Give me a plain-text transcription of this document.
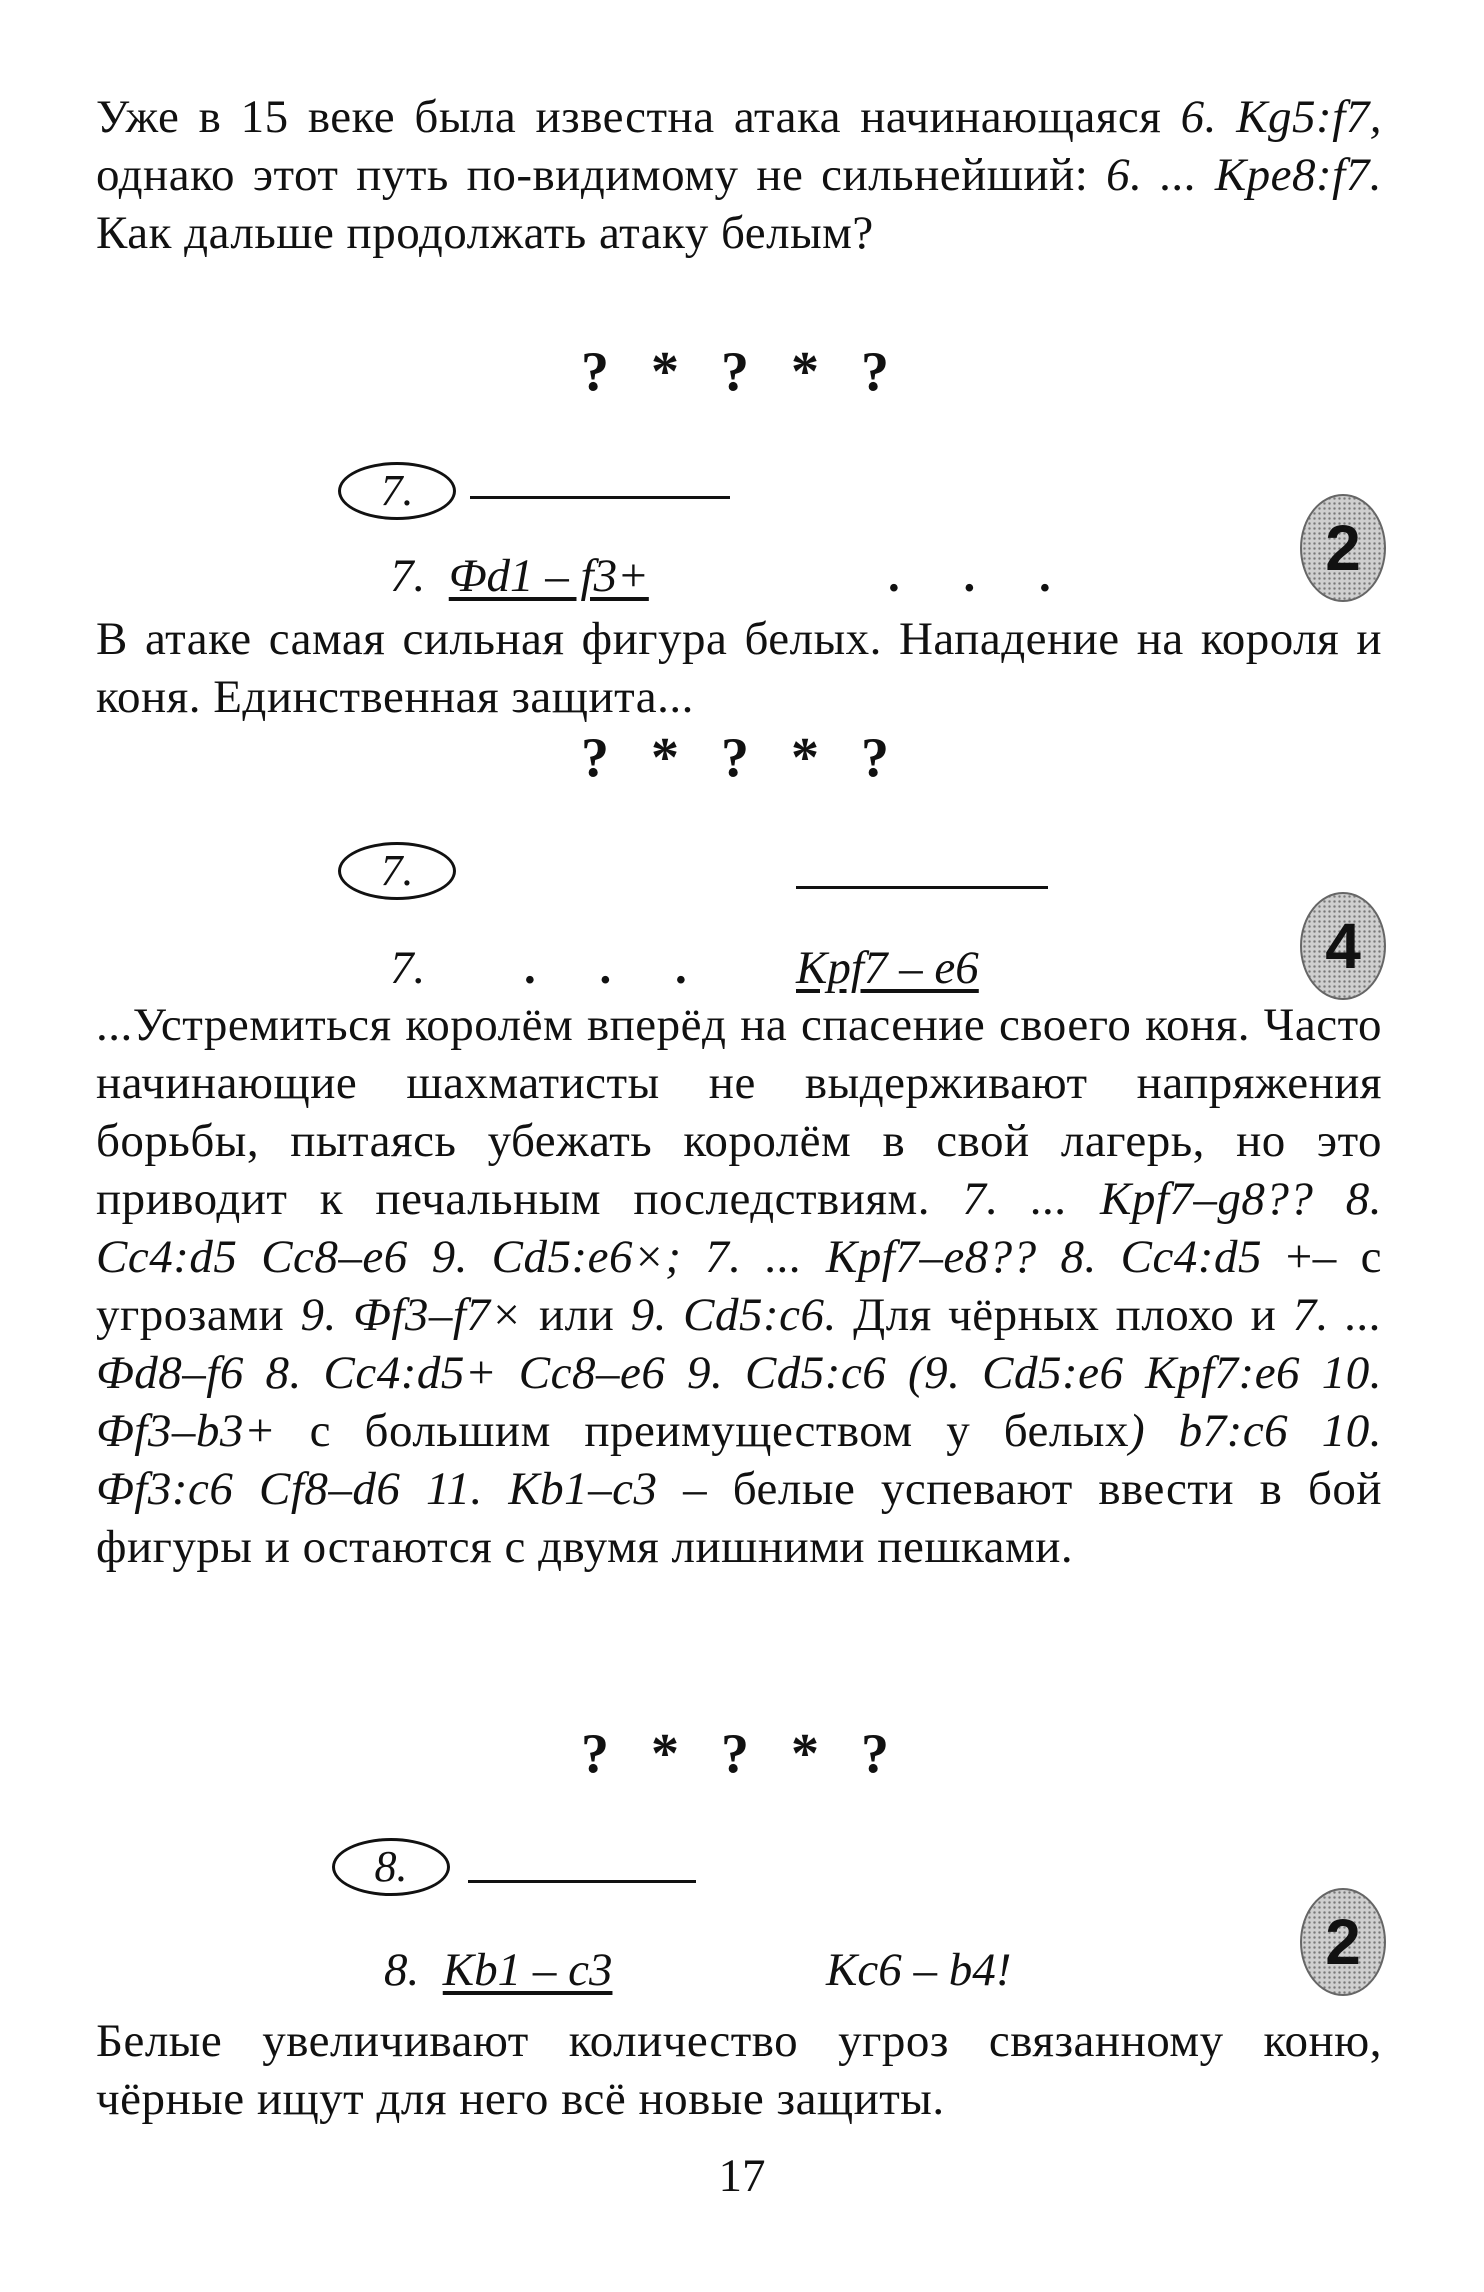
Уже в 15 веке была известна атака начинающаяся 6. Kg5:f7, однако этот путь по-видимому не сильнейший: 6. ... Kpe8:f7. Как дальше продолжать атаку белым?

? * ? * ?
7.
7. Фd1 – f3+	. . .	2

В атаке самая сильная фигура белых. Нападение на короля и коня. Единственная защита...

? * ? * ?
7.
7. . . . Kpf7 – e6	4

...Устремиться королём вперёд на спасение своего коня. Часто начинающие шахматисты не выдерживают напряжения борьбы, пытаясь убежать королём в свой лагерь, но это приводит к печальным последствиям. 7. ... Kpf7–g8?? 8. Cc4:d5 Cc8–e6 9. Cd5:e6×; 7. ... Kpf7–e8?? 8. Cc4:d5 +– с угрозами 9. Фf3–f7× или 9. Cd5:c6. Для чёрных плохо и 7. ... Фd8–f6 8. Cc4:d5+ Cc8–e6 9. Cd5:c6 (9. Cd5:e6 Kpf7:e6 10. Фf3–b3+ с большим преимуществом у белых) b7:c6 10. Фf3:c6 Cf8–d6 11. Kb1–c3 – белые успевают ввести в бой фигуры и остаются с двумя лишними пешками.

? * ? * ?
8.
8. Kb1 – c3	Kc6 – b4!	2

Белые увеличивают количество угроз связанному коню, чёрные ищут для него всё новые защиты.

17
